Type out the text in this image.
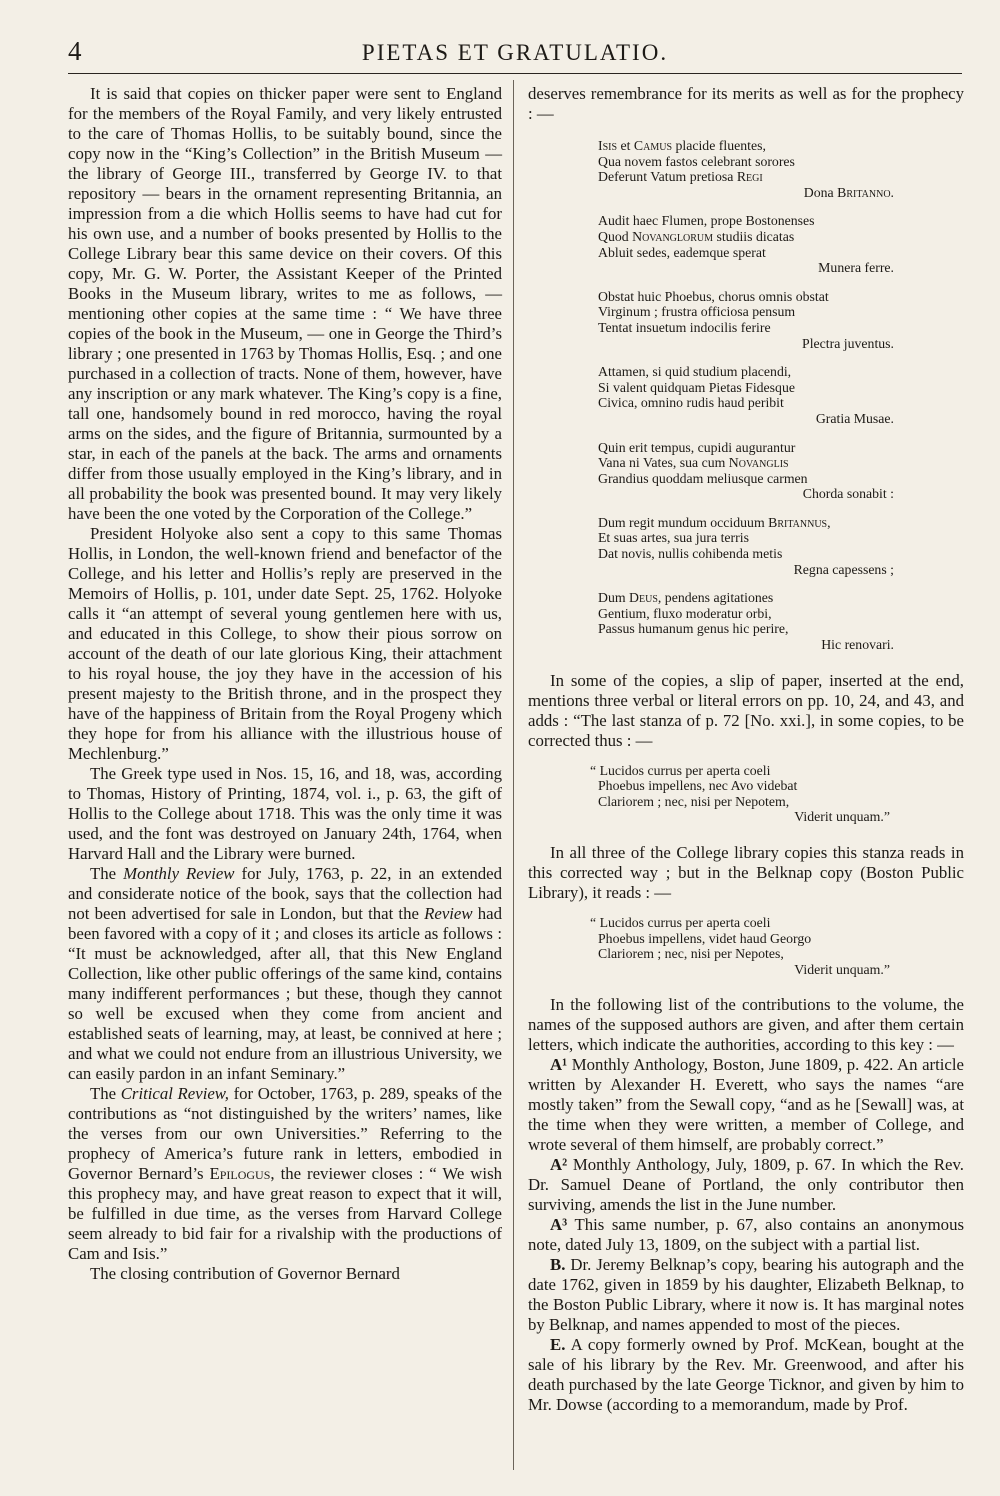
4	PIETAS ET GRATULATIO.

It is said that copies on thicker paper were sent to England for the members of the Royal Family, and very likely entrusted to the care of Thomas Hollis, to be suitably bound, since the copy now in the “King’s Collection” in the British Museum — the library of George III., transferred by George IV. to that repository — bears in the ornament representing Britannia, an impression from a die which Hollis seems to have had cut for his own use, and a number of books presented by Hollis to the College Library bear this same device on their covers. Of this copy, Mr. G. W. Porter, the Assistant Keeper of the Printed Books in the Museum library, writes to me as follows, — mentioning other copies at the same time : “ We have three copies of the book in the Museum, — one in George the Third’s library ; one presented in 1763 by Thomas Hollis, Esq. ; and one purchased in a collection of tracts. None of them, however, have any inscription or any mark whatever. The King’s copy is a fine, tall one, handsomely bound in red morocco, having the royal arms on the sides, and the figure of Britannia, surmounted by a star, in each of the panels at the back. The arms and ornaments differ from those usually employed in the King’s library, and in all probability the book was presented bound. It may very likely have been the one voted by the Corporation of the College.”

President Holyoke also sent a copy to this same Thomas Hollis, in London, the well-known friend and benefactor of the College, and his letter and Hollis’s reply are preserved in the Memoirs of Hollis, p. 101, under date Sept. 25, 1762. Holyoke calls it “an attempt of several young gentlemen here with us, and educated in this College, to show their pious sorrow on account of the death of our late glorious King, their attachment to his royal house, the joy they have in the accession of his present majesty to the British throne, and in the prospect they have of the happiness of Britain from the Royal Progeny which they hope for from his alliance with the illustrious house of Mechlenburg.”

The Greek type used in Nos. 15, 16, and 18, was, according to Thomas, History of Printing, 1874, vol. i., p. 63, the gift of Hollis to the College about 1718. This was the only time it was used, and the font was destroyed on January 24th, 1764, when Harvard Hall and the Library were burned.

The Monthly Review for July, 1763, p. 22, in an extended and considerate notice of the book, says that the collection had not been advertised for sale in London, but that the Review had been favored with a copy of it ; and closes its article as follows : “It must be acknowledged, after all, that this New England Collection, like other public offerings of the same kind, contains many indifferent performances ; but these, though they cannot so well be excused when they come from ancient and established seats of learning, may, at least, be connived at here ; and what we could not endure from an illustrious University, we can easily pardon in an infant Seminary.”

The Critical Review, for October, 1763, p. 289, speaks of the contributions as “not distinguished by the writers’ names, like the verses from our own Universities.” Referring to the prophecy of America’s future rank in letters, embodied in Governor Bernard’s Epilogus, the reviewer closes : “ We wish this prophecy may, and have great reason to expect that it will, be fulfilled in due time, as the verses from Harvard College seem already to bid fair for a rivalship with the productions of Cam and Isis.”

The closing contribution of Governor Bernard

deserves remembrance for its merits as well as for the prophecy : —

Isis et Camus placide fluentes,
Qua novem fastos celebrant sorores
Deferunt Vatum pretiosa Regi
Dona Britanno.
Audit haec Flumen, prope Bostonenses
Quod Novanglorum studiis dicatas
Abluit sedes, eademque sperat
Munera ferre.
Obstat huic Phoebus, chorus omnis obstat
Virginum ; frustra officiosa pensum
Tentat insuetum indocilis ferire
Plectra juventus.
Attamen, si quid studium placendi,
Si valent quidquam Pietas Fidesque
Civica, omnino rudis haud peribit
Gratia Musae.
Quin erit tempus, cupidi augurantur
Vana ni Vates, sua cum Novanglis
Grandius quoddam meliusque carmen
Chorda sonabit :
Dum regit mundum occiduum Britannus,
Et suas artes, sua jura terris
Dat novis, nullis cohibenda metis
Regna capessens ;
Dum Deus, pendens agitationes
Gentium, fluxo moderatur orbi,
Passus humanum genus hic perire,
Hic renovari.

In some of the copies, a slip of paper, inserted at the end, mentions three verbal or literal errors on pp. 10, 24, and 43, and adds : “The last stanza of p. 72 [No. xxi.], in some copies, to be corrected thus : —

“ Lucidos currus per aperta coeli
Phoebus impellens, nec Avo videbat
Clariorem ; nec, nisi per Nepotem,
Viderit unquam.”

In all three of the College library copies this stanza reads in this corrected way ; but in the Belknap copy (Boston Public Library), it reads : —

“ Lucidos currus per aperta coeli
Phoebus impellens, videt haud Georgo
Clariorem ; nec, nisi per Nepotes,
Viderit unquam.”

In the following list of the contributions to the volume, the names of the supposed authors are given, and after them certain letters, which indicate the authorities, according to this key : —

A¹ Monthly Anthology, Boston, June 1809, p. 422. An article written by Alexander H. Everett, who says the names “are mostly taken” from the Sewall copy, “and as he [Sewall] was, at the time when they were written, a member of College, and wrote several of them himself, are probably correct.”

A² Monthly Anthology, July, 1809, p. 67. In which the Rev. Dr. Samuel Deane of Portland, the only contributor then surviving, amends the list in the June number.

A³ This same number, p. 67, also contains an anonymous note, dated July 13, 1809, on the subject with a partial list.

B. Dr. Jeremy Belknap’s copy, bearing his autograph and the date 1762, given in 1859 by his daughter, Elizabeth Belknap, to the Boston Public Library, where it now is. It has marginal notes by Belknap, and names appended to most of the pieces.

E. A copy formerly owned by Prof. McKean, bought at the sale of his library by the Rev. Mr. Greenwood, and after his death purchased by the late George Ticknor, and given by him to Mr. Dowse (according to a memorandum, made by Prof.
